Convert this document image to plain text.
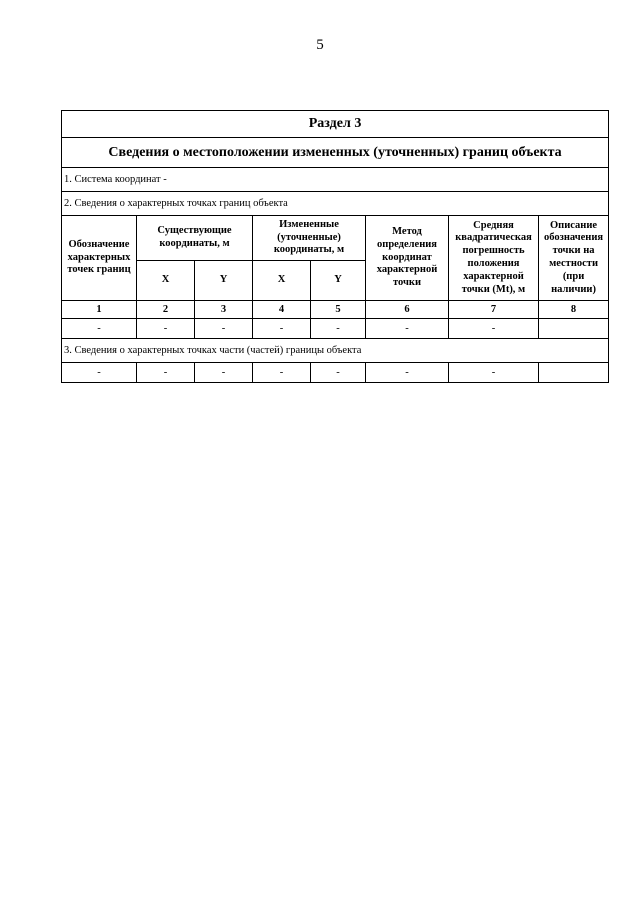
5
Раздел 3							
Сведения о местоположении измененных (уточненных) границ объекта							
1. Система координат -							
2. Сведения о характерных точках границ объекта							
Обозначение характерных точек границ	Существующие координаты, м		Измененные (уточненные) координаты, м		Метод определения координат характерной точки	Средняя квадратическая погрешность положения характерной точки (Mt), м	Описание обозначения точки на местности (при наличии)
	X	Y	X	Y			
1	2	3	4	5	6	7	8
-	-	-	-	-	-	-	
3. Сведения о характерных точках части (частей) границы объекта							
-	-	-	-	-	-	-	
